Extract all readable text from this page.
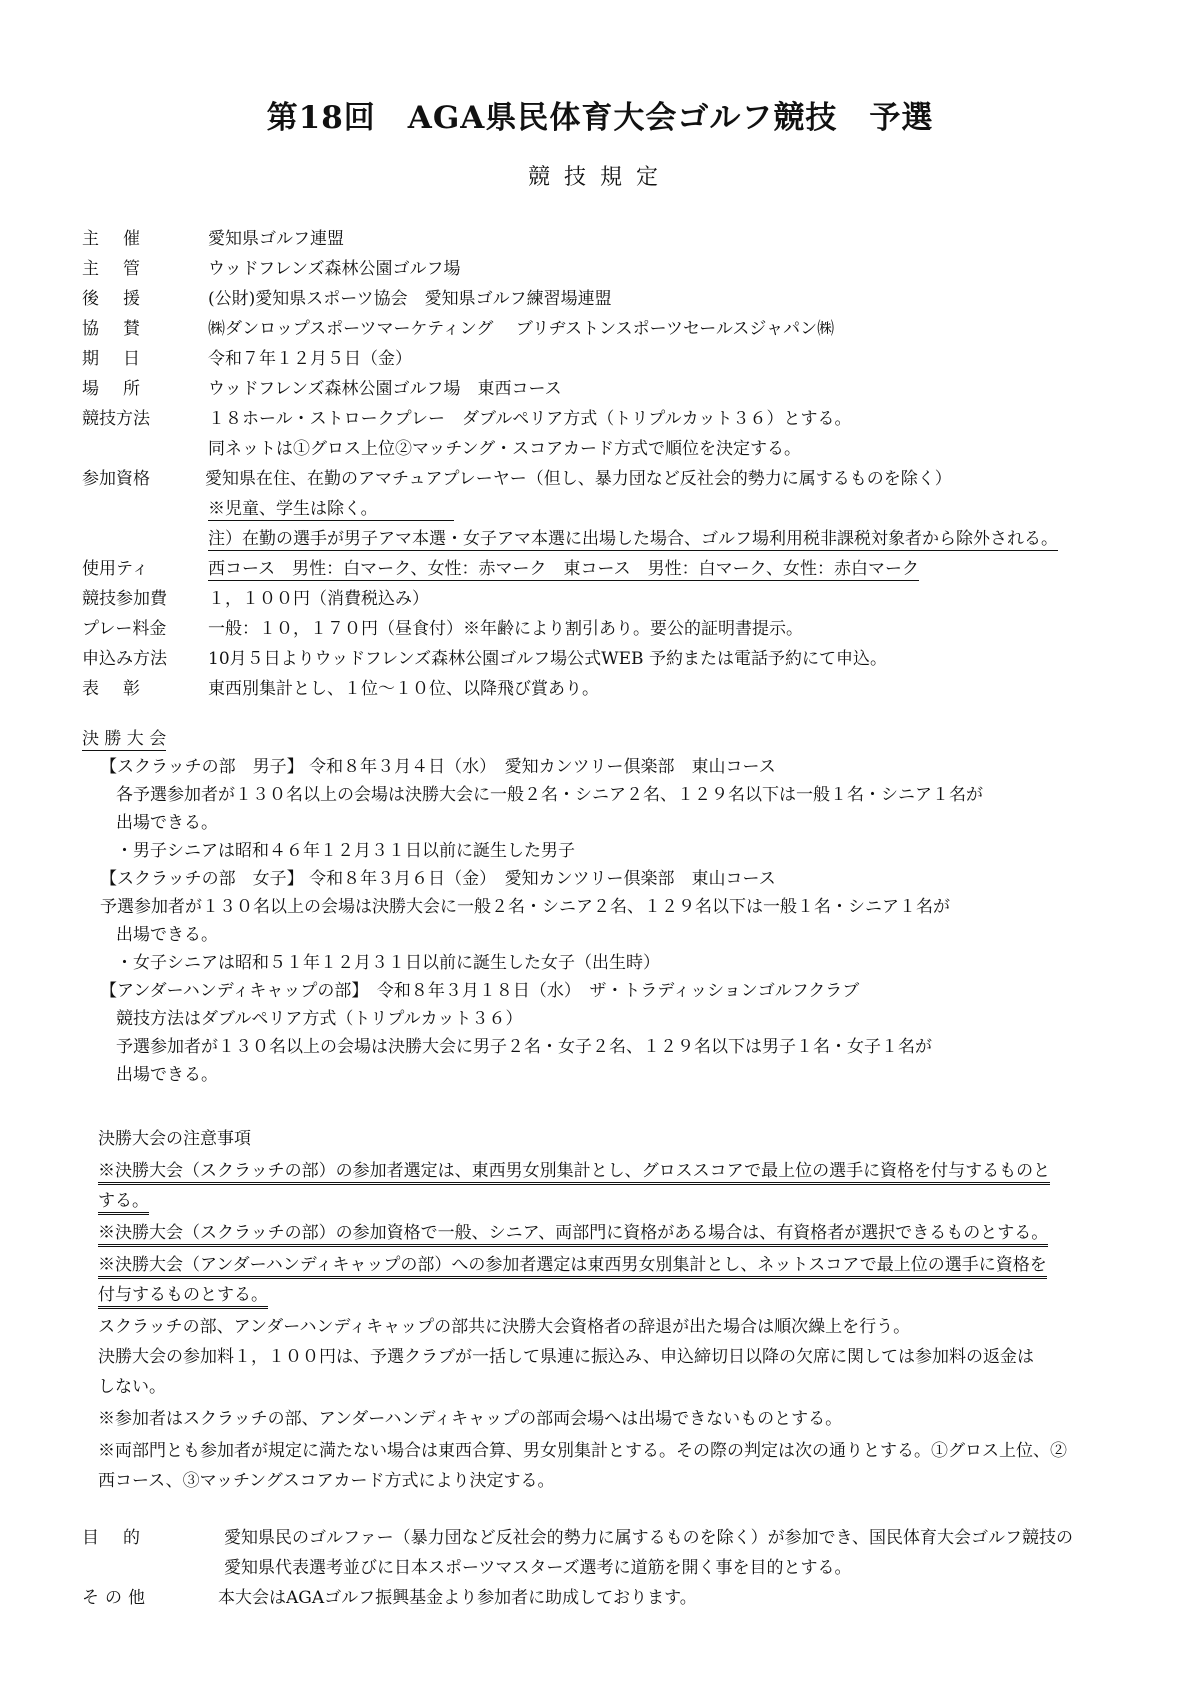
第18回　AGA県民体育大会ゴルフ競技　予選
競技規定
主催	愛知県ゴルフ連盟
主管	ウッドフレンズ森林公園ゴルフ場
後援	(公財)愛知県スポーツ協会　愛知県ゴルフ練習場連盟
協賛	㈱ダンロップスポーツマーケティング　 ブリヂストンスポーツセールスジャパン㈱
期日	令和７年１２月５日（金）
場所	ウッドフレンズ森林公園ゴルフ場　東西コース
競技方法	１８ホール・ストロークプレー　ダブルペリア方式（トリプルカット３６）とする。
同ネットは①グロス上位②マッチング・スコアカード方式で順位を決定する。
参加資格	愛知県在住、在勤のアマチュアプレーヤー（但し、暴力団など反社会的勢力に属するものを除く）
※児童、学生は除く。　　　　　
注）在勤の選手が男子アマ本選・女子アマ本選に出場した場合、ゴルフ場利用税非課税対象者から除外される。
使用ティ	西コース　男性：白マーク、女性：赤マーク　東コース　男性：白マーク、女性：赤白マーク
競技参加費 １，１００円（消費税込み）
プレー料金 一般：１０，１７０円（昼食付）※年齢により割引あり。要公的証明書提示。
申込み方法 10月５日よりウッドフレンズ森林公園ゴルフ場公式WEB 予約または電話予約にて申込。
表彰	東西別集計とし、１位～１０位、以降飛び賞あり。
決 勝 大 会
【スクラッチの部　男子】 令和８年３月４日（水）　愛知カンツリー倶楽部　東山コース
各予選参加者が１３０名以上の会場は決勝大会に一般２名・シニア２名、１２９名以下は一般１名・シニア１名が
出場できる。
・男子シニアは昭和４６年１２月３１日以前に誕生した男子
【スクラッチの部　女子】 令和８年３月６日（金）　愛知カンツリー倶楽部　東山コース
予選参加者が１３０名以上の会場は決勝大会に一般２名・シニア２名、１２９名以下は一般１名・シニア１名が
出場できる。
・女子シニアは昭和５１年１２月３１日以前に誕生した女子（出生時）
【アンダーハンディキャップの部】　令和８年３月１８日（水）　ザ・トラディッションゴルフクラブ
競技方法はダブルペリア方式（トリプルカット３６）
予選参加者が１３０名以上の会場は決勝大会に男子２名・女子２名、１２９名以下は男子１名・女子１名が
出場できる。
決勝大会の注意事項
※決勝大会（スクラッチの部）の参加者選定は、東西男女別集計とし、グロススコアで最上位の選手に資格を付与するものと
する。
※決勝大会（スクラッチの部）の参加資格で一般、シニア、両部門に資格がある場合は、有資格者が選択できるものとする。
※決勝大会（アンダーハンディキャップの部）への参加者選定は東西男女別集計とし、ネットスコアで最上位の選手に資格を
付与するものとする。
スクラッチの部、アンダーハンディキャップの部共に決勝大会資格者の辞退が出た場合は順次繰上を行う。
決勝大会の参加料１，１００円は、予選クラブが一括して県連に振込み、申込締切日以降の欠席に関しては参加料の返金は
しない。
※参加者はスクラッチの部、アンダーハンディキャップの部両会場へは出場できないものとする。
※両部門とも参加者が規定に満たない場合は東西合算、男女別集計とする。その際の判定は次の通りとする。①グロス上位、②
西コース、③マッチングスコアカード方式により決定する。
目的	愛知県民のゴルファー（暴力団など反社会的勢力に属するものを除く）が参加でき、国民体育大会ゴルフ競技の
愛知県代表選考並びに日本スポーツマスターズ選考に道筋を開く事を目的とする。
その他	本大会はAGAゴルフ振興基金より参加者に助成しております。
